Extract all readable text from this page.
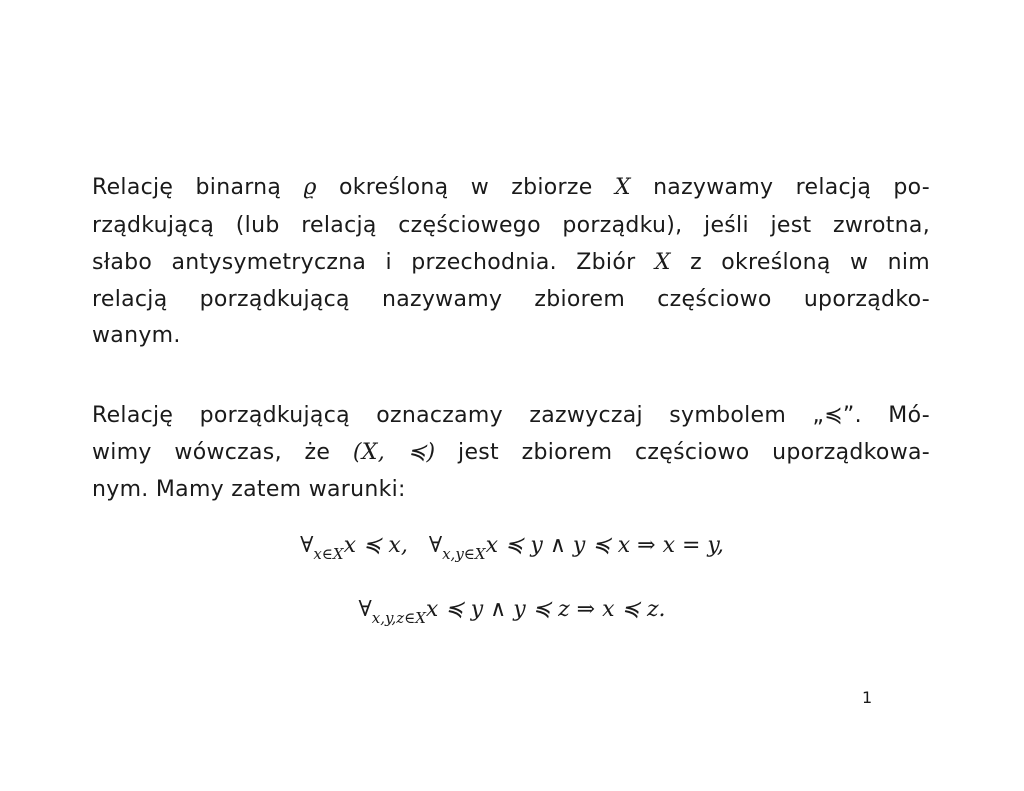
Relację binarną ϱ określoną w zbiorze X nazywamy relacją po-
rządkującą (lub relacją częściowego porządku), jeśli jest zwrotna,
słabo antysymetryczna i przechodnia. Zbiór X z określoną w nim
relacją porządkującą nazywamy zbiorem częściowo uporządko-
wanym.
Relację porządkującą oznaczamy zazwyczaj symbolem „≼”. Mó-
wimy wówczas, że (X, ≼) jest zbiorem częściowo uporządkowa-
nym. Mamy zatem warunki:
$\forall_{x\in X}x$ ≼ x, $\forall_{x,y\in X}x$ ≼ y ∧ y ≼ x ⇒ x = y,
$\forall_{x,y,z\in X}x$ ≼ y ∧ y ≼ z ⇒ x ≼ z.
1
